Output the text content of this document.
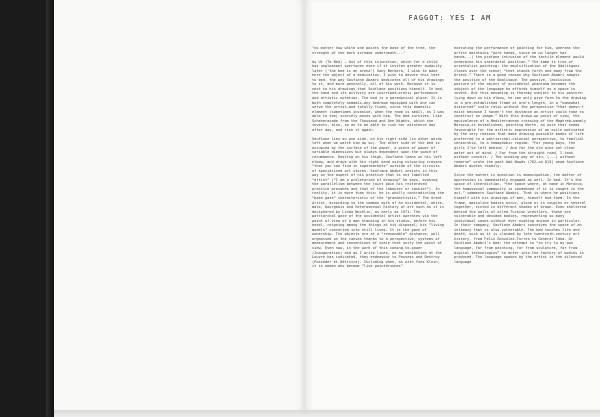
FAGGOT: YES I AM

"no matter how white one paints the base of the tree, the strength of the bark screams underneath..."

As Ut (To Bed) — Out of this injunction, which for a child has unpleasant overtones even if it invites greater audacity later (‘the bed is an arena’) Sony Berbera, I wish to make here the object of a dedication. I wish to devote this text to bed, the way Soufiane Ababri dedicates all of his drawings to it, and more generally, all of his work. Because it is next to his drawings that Soufiane positions himself. In bed, the hand and its activity are inscribed—erotic performance and artistic notation. The bed is a paradoxical place. It is both completely nomadic—any bedroom equipped with one can serve the artist—and totally fixed, since this domestic element (sometimes invasive, when the room is small, as I was able to see) scarcely moves with him. The bed survives. Like Scheherazade from the Thousand and One Nights, which she invents, also, so as to be able to risk her existence day after day, and risk it again.

Soufiane lies on one side, on his right side (in other words left when we watch him do so). The other side of the bed is occupied by the surface of the paper, a piece of paper of variable dimensions but always dependent upon the space of recumbence. Resting on his thigh, Soufiane leans on his left elbow, and draws with his right hand using colouring crayons “that you can find in supermarkets” outside of the circuits of specialised art stores. Soufiane Ababri insists in this way on the aspect of his practice that is not labelled “artist” (“I am a proletarian of drawing” he says, evoking the parallelism between the joint pain his reiterated practice provokes and that of the labourer or cashier”). In reality, it is more than this: he is wholly contradicting the “base gaze” characteristic of the “grandartistic,” The Great Artist, according to the common myth of an occidental, white, male, bourgeois and heterosexual history of art such as it is deciphered by Linda Nochlin, as early as 1971. The patriarchal gaze of the occidental artist operates via the point of view of a man standing in his studio, before his easel, reigning among the things at his disposal; his “living models” converted into still lives. It is the gaze of ownership. The objects are at a “reasonable” distance, well organised on the canvas thanks to a perspective, systems of measurement and conventions of scale that unify the point of view. Even now, in the work of this coming-to-power (Inauguration) and as I write lines, as an exhibition at the Louvre has indicated, they endeavour to Possess and Destroy (Posséder et Détruire). Including when, as with Yves Klein, it is women who become “live paintbrushes”

executing the performance of painting for him, whereas the artist maintains “pure hands, since he no longer has hands...) the profane intrusion of the tactile element would undermine his sacerdotal position.” The same is true of orientalist painting: the emulsification of the Odalisques closes over the scene; “that stands forth and away from the Orient.” There is a good reason why Soufiane Ababri adopts the position of the Odalisque. The passive, lascivious posture of the object of occidental phantasm becomes the subject of the language he affords himself as a space to invent. But this becoming is thereby subject to his posture: lying down on his elbow, he can only give form to the drawing in a pre-established frame at arm’s length, in a “somewhat distorted” scale ratio without the perspective “that doesn’t exist because I haven’t the distance an artist could take to construct an image.” With this drawn-up point of view, the equivalence of a Mediterranean crossing of the Maghreb—namely Morocco—is established, pointing North, an axis that seems favourable for the artistic expression of an exile motivated by the very reasons that make drawing possible modes of life preferred to a patriarchal-colonial perspective, to familial censorship, to a homophobic regime. “For young boys, the girls I’ve left behind. / And for the old wine set clear water out of mind. / Far from the straight road, I took without conceit. / The winding way of sin, (...) without remorse” wrote the poet Abū Nuwās (762–ca 813) whom Soufiane Ababri quotes readily.

Since the matter in question is emancipation, the matter of oppression is immediately engaged as well. In bed. It’s the space of interdiction, “the space where, at home in Morocco, the homosexual community is condemned if it is caught in the act,” comments Soufiane Ababri. That is where he positions himself with his drawings of men, himself and them. In the frame, masculine bodies occur, alone or in couples or several together, tinted in different shades of brown. Even sheltered behind the walls of oiled Turkish wrestlers, these are vulnerable and denuded bodies, representing so many individual cases without ever evoking anyone in particular. In their company, Soufiane Ababri conceives the space of an intimacy that is also vulnerable. The bed touches life and death, such as it is claimed by late twentieth-century art history, from Felix Gonzalez-Torres to General Idea. Or Soufiane Ababri’s bed: the attempt to “to try to my own language, far from painting, far from sculpture, far from digital technologies” to enter into the factory of bodies is produced. The language spoken by the artist is the silenced language
